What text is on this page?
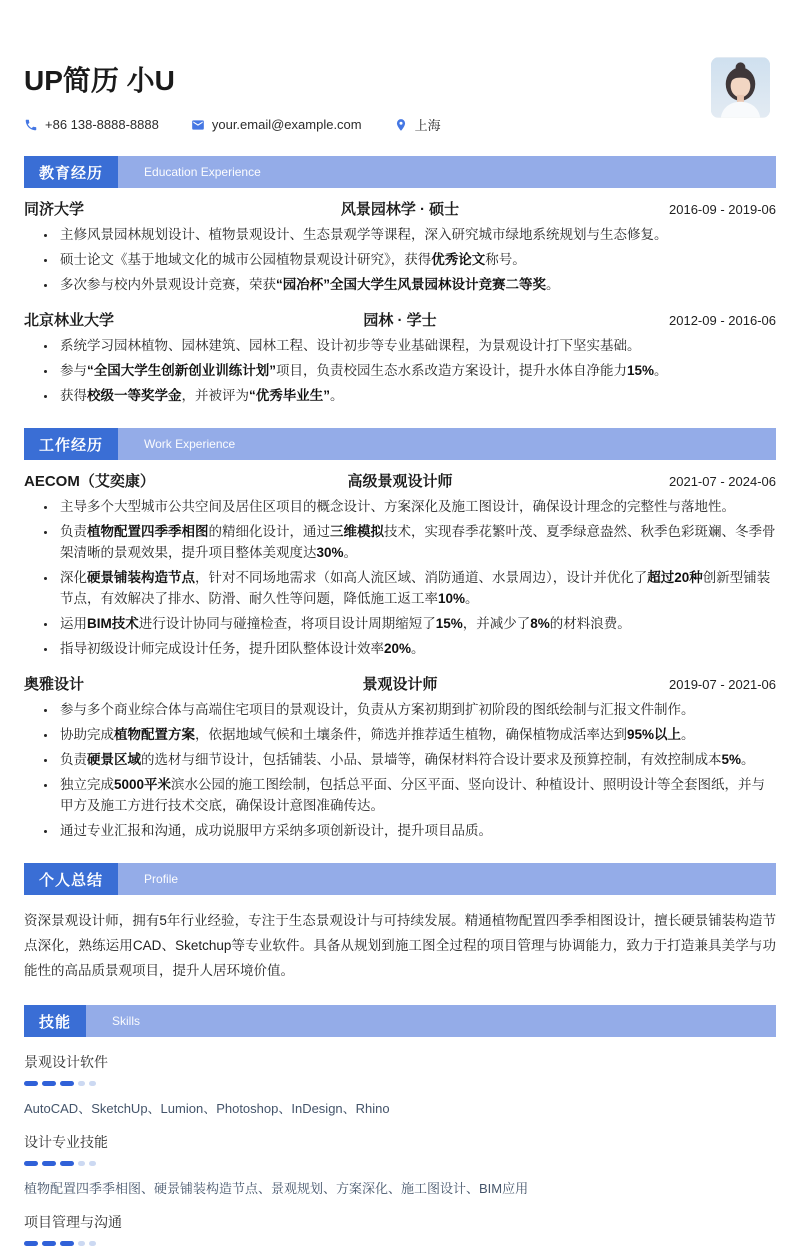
UP简历 小U
+86 138-8888-8888	your.email@example.com	上海
教育经历	Education Experience
同济大学	风景园林学 · 硕士	2016-09 - 2019-06
• 主修风景园林规划设计、植物景观设计、生态景观学等课程，深入研究城市绿地系统规划与生态修复。
• 硕士论文《基于地域文化的城市公园植物景观设计研究》，获得优秀论文称号。
• 多次参与校内外景观设计竞赛，荣获“园冶杯”全国大学生风景园林设计竞赛二等奖。
北京林业大学	园林 · 学士	2012-09 - 2016-06
• 系统学习园林植物、园林建筑、园林工程、设计初步等专业基础课程，为景观设计打下坚实基础。
• 参与“全国大学生创新创业训练计划”项目，负责校园生态水系改造方案设计，提升水体自净能力15%。
• 获得校级一等奖学金，并被评为“优秀毕业生”。
工作经历	Work Experience
AECOM（艾奕康）	高级景观设计师	2021-07 - 2024-06
• 主导多个大型城市公共空间及居住区项目的概念设计、方案深化及施工图设计，确保设计理念的完整性与落地性。
• 负责植物配置四季季相图的精细化设计，通过三维模拟技术，实现春季花繁叶茂、夏季绿意盎然、秋季色彩斑斓、冬季骨架清晰的景观效果，提升项目整体美观度达30%。
• 深化硬景铺装构造节点，针对不同场地需求（如高人流区域、消防通道、水景周边），设计并优化了超过20种创新型铺装节点，有效解决了排水、防滑、耐久性等问题，降低施工返工率10%。
• 运用BIM技术进行设计协同与碰撞检查，将项目设计周期缩短了15%，并减少了8%的材料浪费。
• 指导初级设计师完成设计任务，提升团队整体设计效率20%。
奥雅设计	景观设计师	2019-07 - 2021-06
• 参与多个商业综合体与高端住宅项目的景观设计，负责从方案初期到扩初阶段的图纸绘制与汇报文件制作。
• 协助完成植物配置方案，依据地域气候和土壤条件，筛选并推荐适生植物，确保植物成活率达到95%以上。
• 负责硬景区域的选材与细节设计，包括铺装、小品、景墙等，确保材料符合设计要求及预算控制，有效控制成本5%。
• 独立完成5000平米滨水公园的施工图绘制，包括总平面、分区平面、竖向设计、种植设计、照明设计等全套图纸，并与甲方及施工方进行技术交底，确保设计意图准确传达。
• 通过专业汇报和沟通，成功说服甲方采纳多项创新设计，提升项目品质。
个人总结	Profile

资深景观设计师，拥有5年行业经验，专注于生态景观设计与可持续发展。精通植物配置四季季相图设计，擅长硬景铺装构造节点深化，熟练运用CAD、Sketchup等专业软件。具备从规划到施工图全过程的项目管理与协调能力，致力于打造兼具美学与功能性的高品质景观项目，提升人居环境价值。

技能	Skills
景观设计软件
AutoCAD、SketchUp、Lumion、Photoshop、InDesign、Rhino
设计专业技能
植物配置四季季相图、硬景铺装构造节点、景观规划、方案深化、施工图设计、BIM应用
项目管理与沟通
